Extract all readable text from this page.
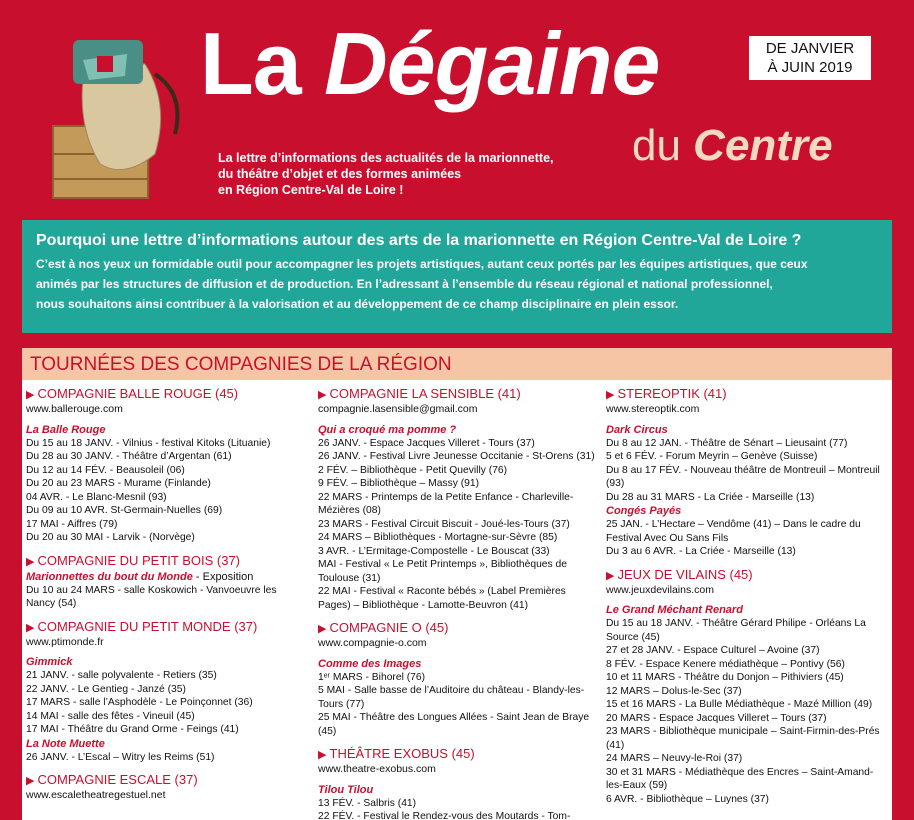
La Dégaine	DE JANVIER
À JUIN 2019
du Centre
La lettre d’informations des actualités de la marionnette,
du théâtre d’objet et des formes animées
en Région Centre-Val de Loire !
Pourquoi une lettre d’informations autour des arts de la marionnette en Région Centre-Val de Loire ?

C’est à nos yeux un formidable outil pour accompagner les projets artistiques, autant ceux portés par les équipes artistiques, que ceux

animés par les structures de diffusion et de production. En l’adressant à l’ensemble du réseau régional et national professionnel,

nous souhaitons ainsi contribuer à la valorisation et au développement de ce champ disciplinaire en plein essor.

TOURNÉES DES COMPAGNIES DE LA RÉGION
▶ COMPAGNIE BALLE ROUGE (45)
www.ballerouge.com
La Balle Rouge
Du 15 au 18 JANV. - Vilnius - festival Kitoks (Lituanie)
Du 28 au 30 JANV. - Théâtre d’Argentan (61)
Du 12 au 14 FÉV. - Beausoleil (06)
Du 20 au 23 MARS - Murame (Finlande)
04 AVR. - Le Blanc-Mesnil (93)
Du 09 au 10 AVR. St-Germain-Nuelles (69)
17 MAI - Aiffres (79)
Du 20 au 30 MAI - Larvik - (Norvège)
▶ COMPAGNIE DU PETIT BOIS (37)
Marionnettes du bout du Monde - Exposition
Du 10 au 24 MARS - salle Koskowich - Vanvoeuvre les Nancy (54)
▶ COMPAGNIE DU PETIT MONDE (37)
www.ptimonde.fr
Gimmick
21 JANV. - salle polyvalente - Retiers (35)
22 JANV. - Le Gentieg - Janzé (35)
17 MARS - salle l’Asphodèle - Le Poinçonnet (36)
14 MAI - salle des fêtes - Vineuil (45)
17 MAI - Théâtre du Grand Orme - Feings (41)
La Note Muette
26 JANV. - L’Escal – Witry les Reims (51)
▶ COMPAGNIE ESCALE (37)
www.escaletheatregestuel.net
▶ COMPAGNIE LA SENSIBLE (41)
compagnie.lasensible@gmail.com
Qui a croqué ma pomme ?
26 JANV. - Espace Jacques Villeret - Tours (37)
26 JANV. - Festival Livre Jeunesse Occitanie - St-Orens (31)
2 FÉV. – Bibliothèque - Petit Quevilly (76)
9 FÉV. – Bibliothèque – Massy (91)
22 MARS - Printemps de la Petite Enfance - Charleville-Mézières (08)
23 MARS - Festival Circuit Biscuit - Joué-les-Tours (37)
24 MARS – Bibliothèques - Mortagne-sur-Sèvre (85)
3 AVR. - L’Ermitage-Compostelle - Le Bouscat (33)
MAI - Festival « Le Petit Printemps », Bibliothèques de Toulouse (31)
22 MAI - Festival « Raconte bébés » (Label Premières Pages) – Bibliothèque - Lamotte-Beuvron (41)
▶ COMPAGNIE O (45)
www.compagnie-o.com
Comme des Images
1ᵉʳ MARS - Bihorel (76)
5 MAI - Salle basse de l’Auditoire du château - Blandy-les-Tours (77)
25 MAI - Théâtre des Longues Allées - Saint Jean de Braye (45)
▶ THÉÂTRE EXOBUS (45)
www.theatre-exobus.com
Tilou Tilou
13 FÉV. - Salbris (41)
22 FÉV. - Festival le Rendez-vous des Moutards - Tom-
▶ STEREOPTIK (41)
www.stereoptik.com
Dark Circus
Du 8 au 12 JAN. - Théâtre de Sénart – Lieusaint (77)
5 et 6 FÉV. - Forum Meyrin – Genève (Suisse)
Du 8 au 17 FÉV. - Nouveau théâtre de Montreuil – Montreuil (93)
Du 28 au 31 MARS - La Criée - Marseille (13)
Congés Payés
25 JAN. - L’Hectare – Vendôme (41) – Dans le cadre du Festival Avec Ou Sans Fils
Du 3 au 6 AVR. - La Criée - Marseille (13)
▶ JEUX DE VILAINS (45)
www.jeuxdevilains.com
Le Grand Méchant Renard
Du 15 au 18 JANV. - Théâtre Gérard Philipe - Orléans La Source (45)
27 et 28 JANV. - Espace Culturel – Avoine (37)
8 FÉV. - Espace Kenere médiathèque – Pontivy (56)
10 et 11 MARS - Théâtre du Donjon – Pithiviers (45)
12 MARS – Dolus-le-Sec (37)
15 et 16 MARS - La Bulle Médiathèque - Mazé Million (49)
20 MARS - Espace Jacques Villeret – Tours (37)
23 MARS - Bibliothèque municipale – Saint-Firmin-des-Prés (41)
24 MARS – Neuvy-le-Roi (37)
30 et 31 MARS - Médiathèque des Encres – Saint-Amand-les-Eaux (59)
6 AVR. - Bibliothèque – Luynes (37)
